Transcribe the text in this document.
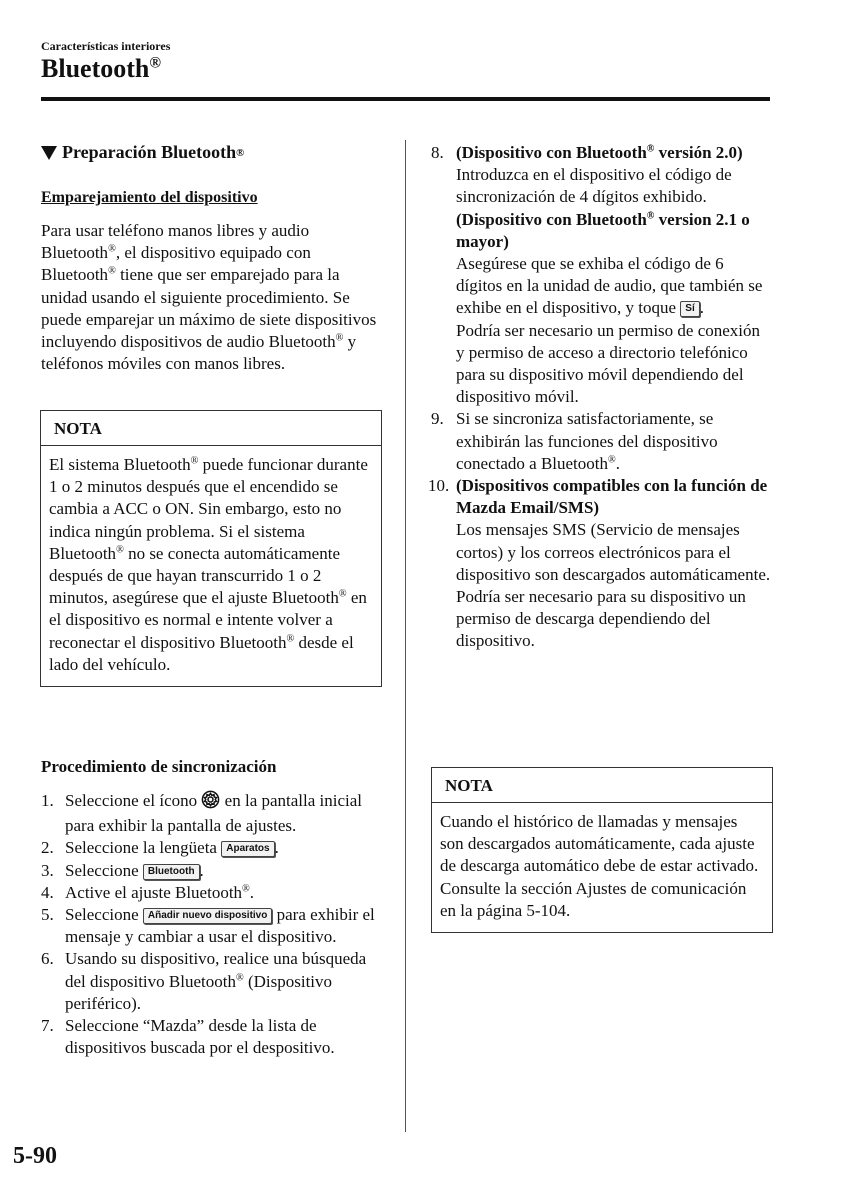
Características interiores
Bluetooth®
Preparación Bluetooth ®
Emparejamiento del dispositivo
Para usar teléfono manos libres y audio Bluetooth®, el dispositivo equipado con Bluetooth® tiene que ser emparejado para la unidad usando el siguiente procedimiento. Se puede emparejar un máximo de siete dispositivos incluyendo dispositivos de audio Bluetooth® y teléfonos móviles con manos libres.
NOTA
El sistema Bluetooth® puede funcionar durante 1 o 2 minutos después que el encendido se cambia a ACC o ON. Sin embargo, esto no indica ningún problema. Si el sistema Bluetooth® no se conecta automáticamente después de que hayan transcurrido 1 o 2 minutos, asegúrese que el ajuste Bluetooth® en el dispositivo es normal e intente volver a reconectar el dispositivo Bluetooth® desde el lado del vehículo.
Procedimiento de sincronización
1. Seleccione el ícono  en la pantalla inicial para exhibir la pantalla de ajustes.
2. Seleccione la lengüeta Aparatos .
3. Seleccione Bluetooth .
4. Active el ajuste Bluetooth®.
5. Seleccione Añadir nuevo dispositivo para exhibir el mensaje y cambiar a usar el dispositivo.
6. Usando su dispositivo, realice una búsqueda del dispositivo Bluetooth® (Dispositivo periférico).
7. Seleccione “Mazda” desde la lista de dispositivos buscada por el despositivo.
8. (Dispositivo con Bluetooth® versión 2.0)
Introduzca en el dispositivo el código de sincronización de 4 dígitos exhibido.
(Dispositivo con Bluetooth® version 2.1 o mayor)
Asegúrese que se exhiba el código de 6 dígitos en la unidad de audio, que también se exhibe en el dispositivo, y toque Sí .
Podría ser necesario un permiso de conexión y permiso de acceso a directorio telefónico para su dispositivo móvil dependiendo del dispositivo móvil.
9. Si se sincroniza satisfactoriamente, se exhibirán las funciones del dispositivo conectado a Bluetooth®.
10. (Dispositivos compatibles con la función de Mazda Email/SMS)
Los mensajes SMS (Servicio de mensajes cortos) y los correos electrónicos para el dispositivo son descargados automáticamente. Podría ser necesario para su dispositivo un permiso de descarga dependiendo del dispositivo.
NOTA
Cuando el histórico de llamadas y mensajes son descargados automáticamente, cada ajuste de descarga automático debe de estar activado.
Consulte la sección Ajustes de comunicación en la página 5-104.
5-90
